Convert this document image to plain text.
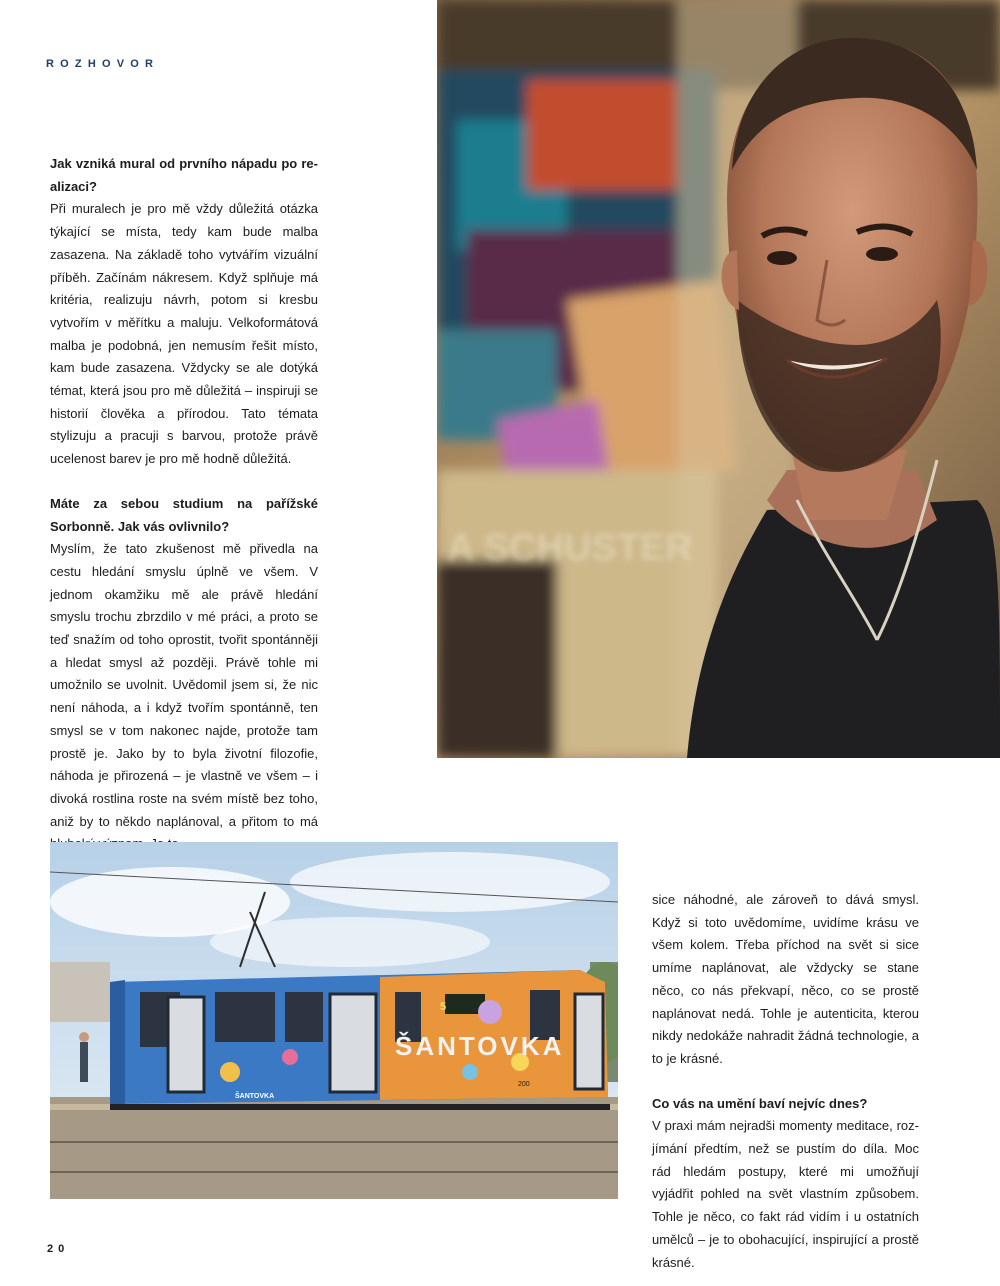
ROZHOVOR

Jak vzniká mural od prvního nápadu po realizaci?

Při muralech je pro mě vždy důležitá otázka týkající se místa, tedy kam bude malba zasazena. Na základě toho vytvářím vizuální příběh. Začínám nákresem. Když splňuje má kritéria, realizuju návrh, potom si kresbu vytvořím v měřítku a maluju. Velkoformátová malba je podobná, jen nemusím řešit místo, kam bude zasazena. Vždycky se ale dotýká témat, která jsou pro mě důležitá – inspiruji se historií člověka a přírodou. Tato témata stylizuju a pracuji s barvou, protože právě ucelenost barev je pro mě hodně důležitá.

Máte za sebou studium na pařížské Sorbonně. Jak vás ovlivnilo?

Myslím, že tato zkušenost mě přivedla na cestu hledání smyslu úplně ve všem. V jednom okamžiku mě ale právě hledání smyslu trochu zbrzdilo v mé práci, a proto se teď snažím od toho oprostit, tvořit spontánněji a hledat smysl až později. Právě tohle mi umožnilo se uvolnit. Uvědomil jsem si, že nic není náhoda, a i když tvořím spontánně, ten smysl se v tom nakonec najde, protože tam prostě je. Jako by to byla životní filozofie, náhoda je přirozená – je vlastně ve všem – i divoká rostlina roste na svém místě bez toho, aniž by to někdo naplánoval, a přitom to má

A SCHUSTER
5
ŠANTOVKA
ŠANTOVKA
200

sice náhodné, ale zároveň to dává smysl. Když si toto uvědomíme, uvidíme krásu ve všem kolem. Třeba příchod na svět si sice umíme naplánovat, ale vždycky se stane něco, co nás překvapí, něco, co se prostě naplánovat nedá. Tohle je autenticita, kterou nikdy nedokáže nahradit žádná technologie, a to je krásné.

Co vás na umění baví nejvíc dnes?

V praxi mám nejradši momenty meditace, rozjímání předtím, než se pustím do díla. Moc rád hledám postupy, které mi umožňují vyjádřit pohled na svět vlastním způsobem. Tohle je něco, co fakt rád vidím i u ostatních umělců – je to obohacující, inspirující a prostě krásné.

20
